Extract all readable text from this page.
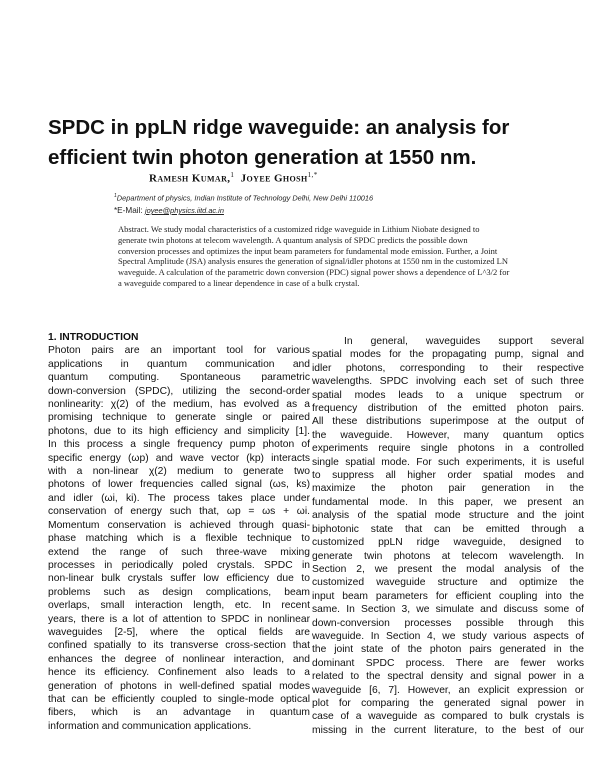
SPDC in ppLN ridge waveguide: an analysis for
efficient twin photon generation at 1550 nm.
Ramesh Kumar,$^1$ Joyee Ghosh$^{1,*}$
$^1$Department of physics, Indian Institute of Technology Delhi, New Delhi 110016
*E-Mail: joyee@physics.iitd.ac.in
Abstract. We study modal characteristics of a customized ridge waveguide in Lithium Niobate designed to
generate twin photons at telecom wavelength. A quantum analysis of SPDC predicts the possible down
conversion processes and optimizes the input beam parameters for fundamental mode emission. Further, a Joint
Spectral Amplitude (JSA) analysis ensures the generation of signal/idler photons at 1550 nm in the customized LN
waveguide. A calculation of the parametric down conversion (PDC) signal power shows a dependence of L^3/2 for
a waveguide compared to a linear dependence in case of a bulk crystal.
1. INTRODUCTION
Photon pairs are an important tool for various
applications in quantum communication and
quantum computing. Spontaneous parametric
down-conversion (SPDC), utilizing the second-order
nonlinearity: χ(2) of the medium, has evolved as a
promising technique to generate single or paired
photons, due to its high efficiency and simplicity [1].
In this process a single frequency pump photon of
specific energy (ωp) and wave vector (kp) interacts
with a non-linear χ(2) medium to generate two
photons of lower frequencies called signal (ωs, ks)
and idler (ωi, ki). The process takes place under
conservation of energy such that, ωp = ωs + ωi.
Momentum conservation is achieved through quasi-
phase matching which is a flexible technique to
extend the range of such three-wave mixing
processes in periodically poled crystals. SPDC in
non-linear bulk crystals suffer low efficiency due to
problems such as design complications, beam
overlaps, small interaction length, etc. In recent
years, there is a lot of attention to SPDC in nonlinear
waveguides [2-5], where the optical fields are
confined spatially to its transverse cross-section that
enhances the degree of nonlinear interaction, and
hence its efficiency. Confinement also leads to a
generation of photons in well-defined spatial modes
that can be efficiently coupled to single-mode optical
fibers, which is an advantage in quantum
information and communication applications.
In general, waveguides support several
spatial modes for the propagating pump, signal and
idler photons, corresponding to their respective
wavelengths. SPDC involving each set of such three
spatial modes leads to a unique spectrum or
frequency distribution of the emitted photon pairs.
All these distributions superimpose at the output of
the waveguide. However, many quantum optics
experiments require single photons in a controlled
single spatial mode. For such experiments, it is useful
to suppress all higher order spatial modes and
maximize the photon pair generation in the
fundamental mode. In this paper, we present an
analysis of the spatial mode structure and the joint
biphotonic state that can be emitted through a
customized ppLN ridge waveguide, designed to
generate twin photons at telecom wavelength. In
Section 2, we present the modal analysis of the
customized waveguide structure and optimize the
input beam parameters for efficient coupling into the
same. In Section 3, we simulate and discuss some of
down-conversion processes possible through this
waveguide. In Section 4, we study various aspects of
the joint state of the photon pairs generated in the
dominant SPDC process. There are fewer works
related to the spectral density and signal power in a
waveguide [6, 7]. However, an explicit expression or
plot for comparing the generated signal power in
case of a waveguide as compared to bulk crystals is
missing in the current literature, to the best of our
